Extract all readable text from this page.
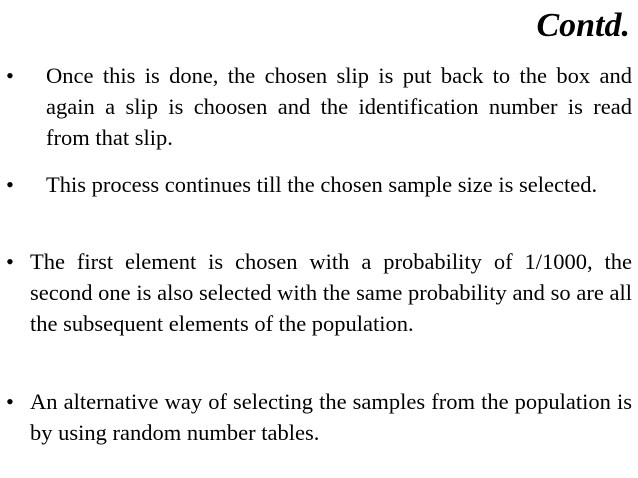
Contd.
• Once this is done, the chosen slip is put back to the box and again a slip is choosen and the identification number is read from that slip.
• This process continues till the chosen sample size is selected.
• The first element is chosen with a probability of 1/1000, the second one is also selected with the same probability and so are all the subsequent elements of the population.
• An alternative way of selecting the samples from the population is by using random number tables.
